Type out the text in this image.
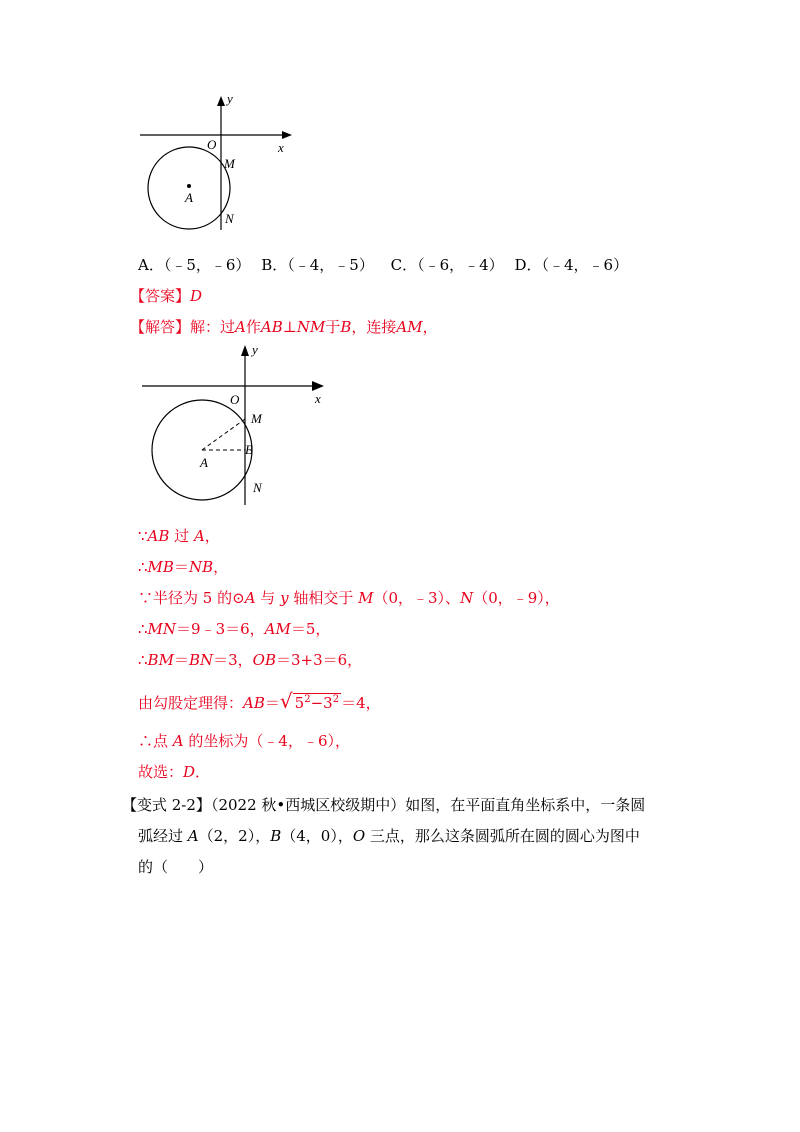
y
x
O
M
A
N
A．（﹣5，﹣6） B．（﹣4，﹣5） C．（﹣6，﹣4） D．（﹣4，﹣6）
【答案】D
【解答】解：过A作AB⊥NM于B，连接AM，
y
x
O
M
B
A
N
∵AB 过 A，
∴MB＝NB，
∵半径为 5 的⊙A 与 y 轴相交于 M（0，﹣3）、N（0，﹣9），
∴MN＝9﹣3＝6，AM＝5，
∴BM＝BN＝3，OB＝3+3＝6，
由勾股定理得：AB＝√ $5^2-3^2 =4$，
∴点 A 的坐标为（﹣4，﹣6），
故选：D．
【变式 2-2】（2022 秋•西城区校级期中）如图，在平面直角坐标系中，一条圆
弧经过 A（2，2），B（4，0），O 三点，那么这条圆弧所在圆的圆心为图中
的（　　）
